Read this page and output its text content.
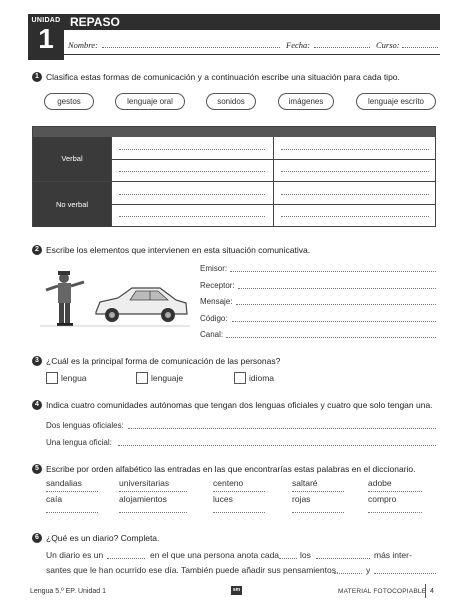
UNIDAD
1
REPASO
Nombre:	Fecha:	Curso:
1 Clasifica estas formas de comunicación y a continuación escribe una situación para cada tipo.
gestos	lenguaje oral	sonidos	imágenes	lenguaje escrito
Verbal
No verbal
2 Escribe los elementos que intervienen en esta situación comunicativa.
Emisor:
Receptor:
Mensaje:
Código:
Canal:
3 ¿Cuál es la principal forma de comunicación de las personas?
lengua	lenguaje	idioma
4 Indica cuatro comunidades autónomas que tengan dos lenguas oficiales y cuatro que solo tengan una.
Dos lenguas oficiales:
Una lengua oficial:
5 Escribe por orden alfabético las entradas en las que encontrarías estas palabras en el diccionario.
sandalias	universitarias	centeno	saltaré	adobe
caía	alojamientos	luces	rojas	compro
6 ¿Qué es un diario? Completa.
Un diario es un	en el que una persona anota cada los	más inter-
santes que le han ocurrido ese día. También puede añadir sus pensamientos,	y
Lengua 5.º EP. Unidad 1	sm	MATERIAL FOTOCOPIABLE 4
